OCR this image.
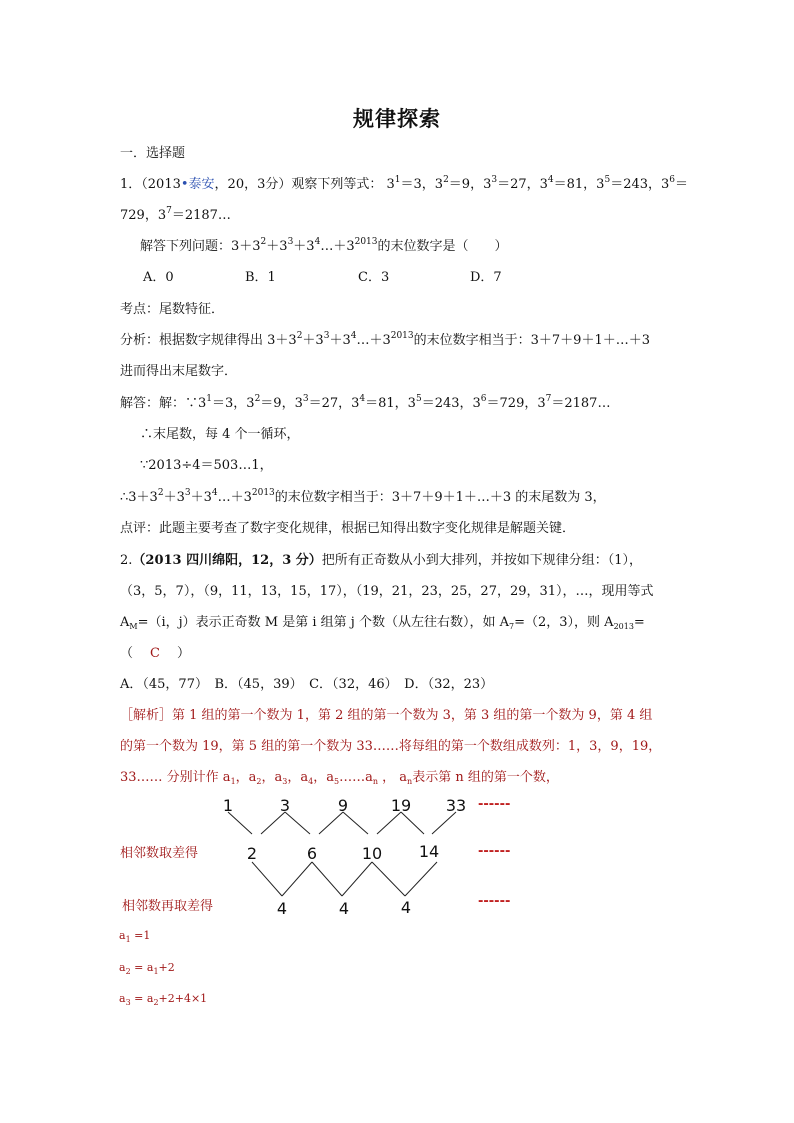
规律探索
一．选择题
1．（2013•泰安，20，3分）观察下列等式： $3^1=3$，$3^2=9$，$3^3=27$，$3^4=81$，$3^5=243$，$3^6=$
729，$3^7=2187\dots$
解答下列问题：$3+3^2+3^3+3^4\dots+3^{2013}$的末位数字是（　　）
A．0	B．1	C．3	D．7
考点：尾数特征．
分析：根据数字规律得出 $3+3^2+3^3+3^4\dots+3^{2013}$的末位数字相当于：3＋7＋9＋1＋…＋3
进而得出末尾数字．
解答：解：$\because 3^1=3$，$3^2=9$，$3^3=27$，$3^4=81$，$3^5=243$，$3^6=729$，$3^7=2187\dots$
∴末尾数，每 4 个一循环，
∵2013÷4＝503…1，
$\therefore 3+3^2+3^3+3^4\dots+3^{2013}$的末位数字相当于：3＋7＋9＋1＋…＋3 的末尾数为 3，
点评：此题主要考查了数字变化规律，根据已知得出数字变化规律是解题关键．
2.（2013 四川绵阳，12，3 分）把所有正奇数从小到大排列，并按如下规律分组：（1），
（3，5，7），（9，11，13，15，17），（19，21，23，25，27，29，31），…，现用等式
$A_M=(i$，j）表示正奇数 M 是第 i 组第 j 个数（从左往右数），如 $A_7=(2$，3），则 $A_{2013}=$
（ C ）
A．（45，77）　B．（45，39）　C．（32，46）　D．（32，23）
［解析］第 1 组的第一个数为 1，第 2 组的第一个数为 3，第 3 组的第一个数为 9，第 4 组
的第一个数为 19，第 5 组的第一个数为 33……将每组的第一个数组成数列：1，3，9，19，
33…… 分别计作 $a_1$，$a_2$，$a_3$，$a_4$，$a_5\dots\dots a_n$ ， $a_n$表示第 n 组的第一个数，
1	3	9	19 33
2	6	10 14
4	4	4
------
------
------
相邻数取差得
相邻数再取差得
$a_1 =1$
$a_2 = a_1+2$
$a_3 = a_2+2+4\times 1$
